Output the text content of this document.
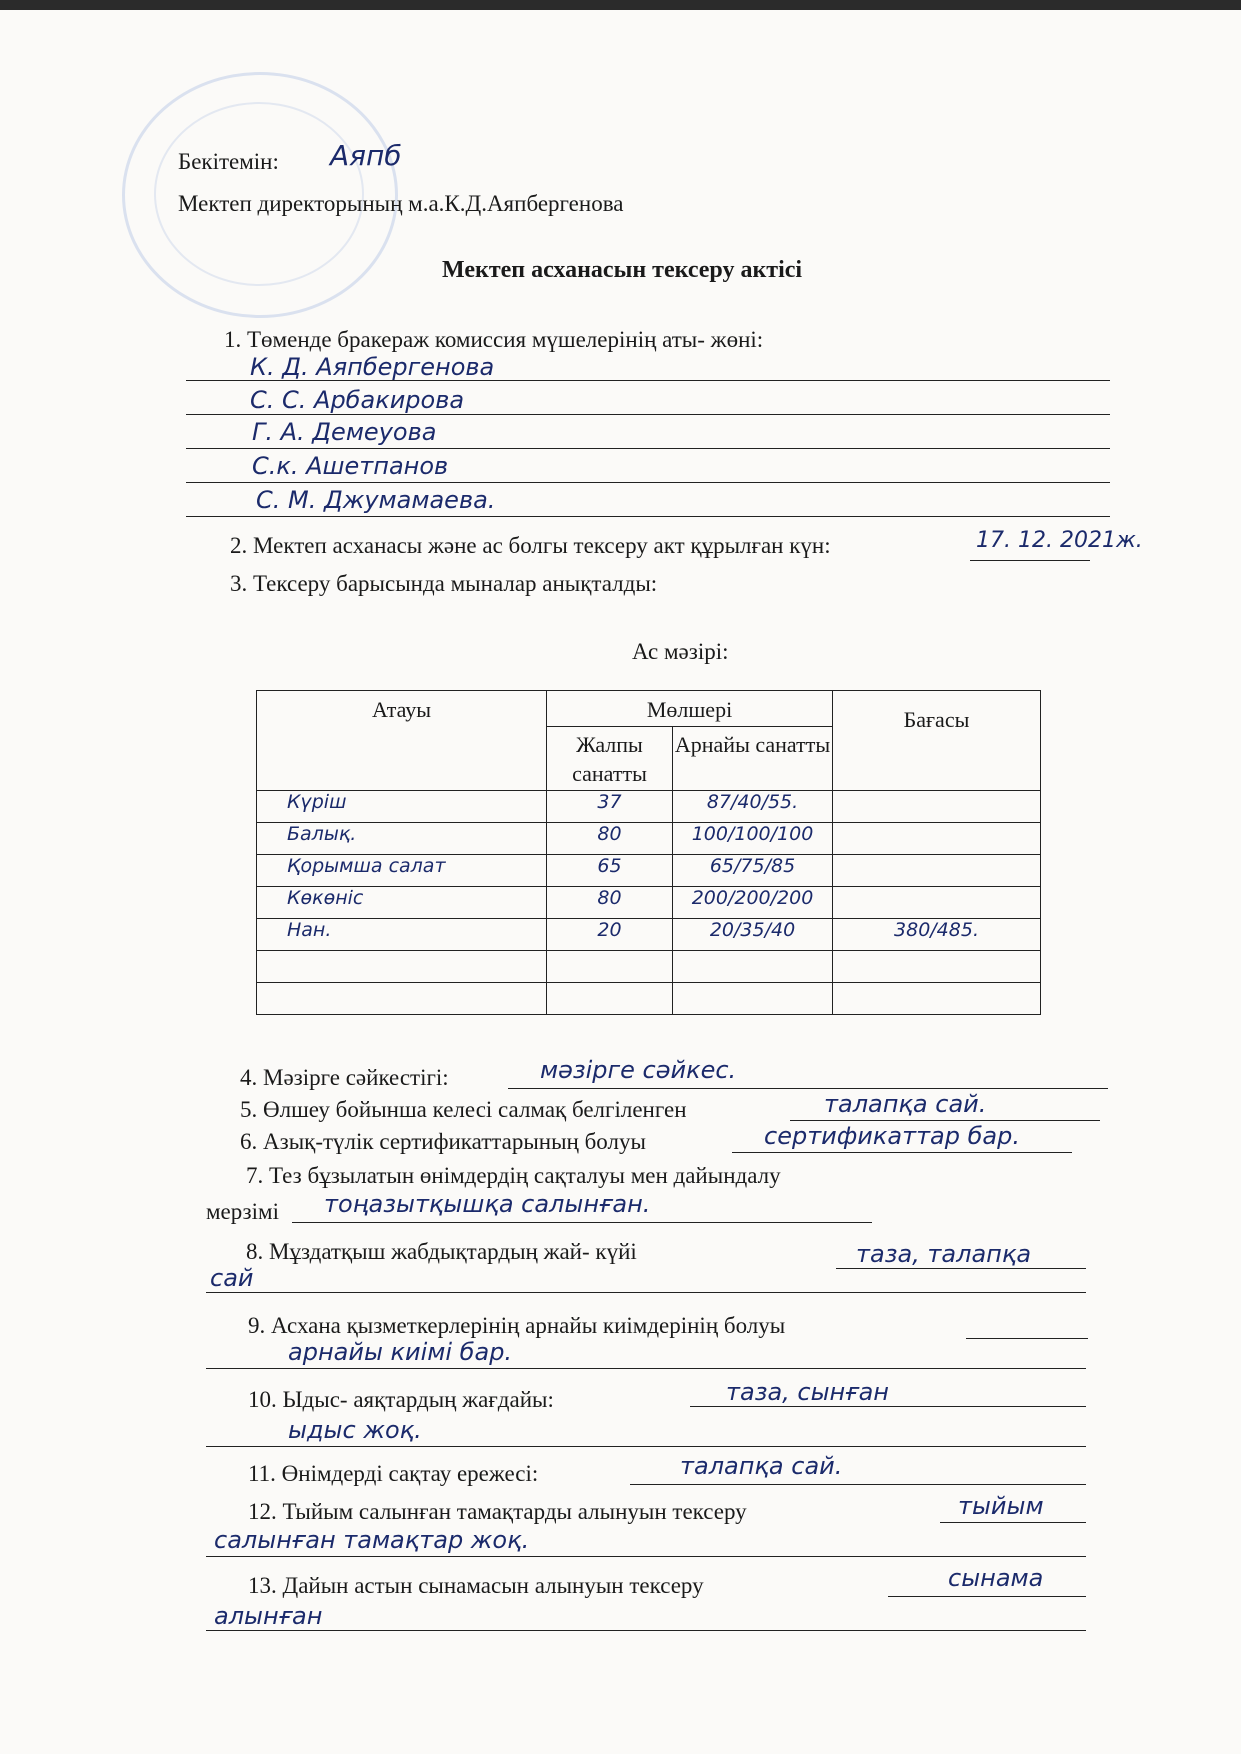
Бекітемін: Аяпб
Мектеп директорының м.а.К.Д.Аяпбергенова
Мектеп асханасын тексеру актісі
1. Төменде бракераж комиссия мүшелерінің аты- жөні:
К. Д. Аяпбергенова
С. С. Арбакирова
Г. А. Демеуова
С.к. Ашетпанов
С. М. Джумамаева.
2. Мектеп асханасы және ас болгы тексеру акт құрылған күн:	17. 12. 2021ж.
3. Тексеру барысында мыналар анықталды:
Ас мәзірі:
Атауы	Мөлшері		Бағасы
	Жалпы санатты	Арнайы санатты	
Күріш	37	87/40/55.	
Балық.	80	100/100/100	
Қорымша салат	65	65/75/85	
Көкөніс	80	200/200/200	
Нан.	20	20/35/40	380/485.

4. Мәзірге сәйкестігі:	мәзірге сәйкес.
5. Өлшеу бойынша келесі салмақ белгіленген	талапқа сай.
6. Азық-түлік сертификаттарының болуы	сертификаттар бар.
7. Тез бұзылатын өнімдердің сақталуы мен дайындалу
мерзімі тоңазытқышқа салынған.
8. Мұздатқыш жабдықтардың жай- күйі	таза, талапқа
сай
9. Асхана қызметкерлерінің арнайы киімдерінің болуы
арнайы киімі бар.
10. Ыдыс- аяқтардың жағдайы:	таза, сынған
ыдыс жоқ.
11. Өнімдерді сақтау ережесі:	талапқа сай.
12. Тыйым салынған тамақтарды алынуын тексеру	тыйым
салынған тамақтар жоқ.
13. Дайын астын сынамасын алынуын тексеру	сынама
алынған
